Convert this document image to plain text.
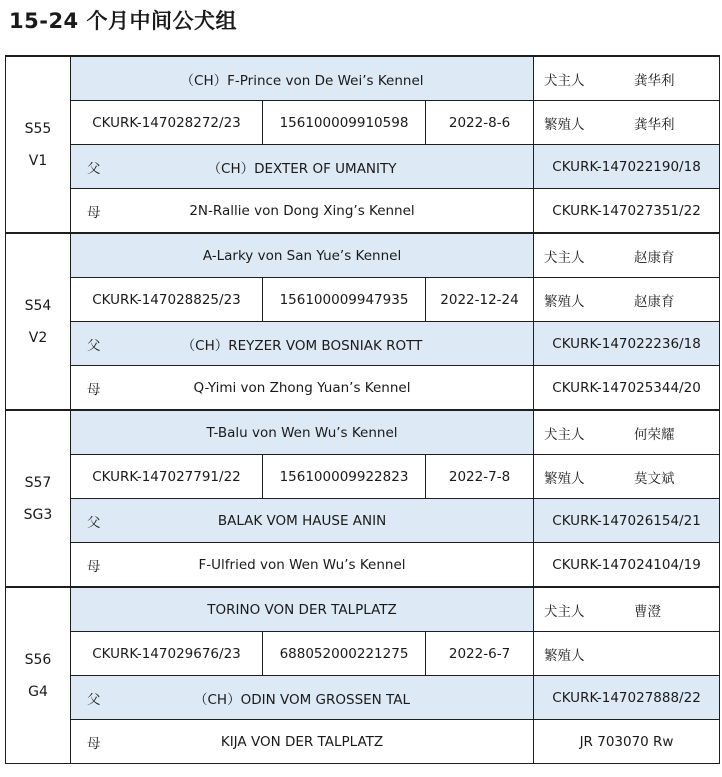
15-24 个月中间公犬组
S55
V1	（CH）F-Prince von De Wei’s Kennel			犬主人 龚华利
	CKURK-147028272/23	156100009910598	2022-8-6	繁殖人 龚华利

	父 （CH）DEXTER OF UMANITY			CKURK-147022190/18

	母 2N-Rallie von Dong Xing’s Kennel			CKURK-147027351/22

S54
V2	A-Larky von San Yue’s Kennel			犬主人 赵康育
	CKURK-147028825/23	156100009947935	2022-12-24	繁殖人 赵康育

	父 （CH）REYZER VOM BOSNIAK ROTT			CKURK-147022236/18

	母 Q-Yimi von Zhong Yuan’s Kennel			CKURK-147025344/20

S57
SG3	T-Balu von Wen Wu’s Kennel			犬主人 何荣耀
	CKURK-147027791/22	156100009922823	2022-7-8	繁殖人 莫文斌

	父 BALAK VOM HAUSE ANIN			CKURK-147026154/21

	母 F-Ulfried von Wen Wu’s Kennel			CKURK-147024104/19

S56
G4	TORINO VON DER TALPLATZ			犬主人 曹澄
	CKURK-147029676/23	688052000221275	2022-6-7	繁殖人

	父 （CH）ODIN VOM GROSSEN TAL			CKURK-147027888/22

	母 KIJA VON DER TALPLATZ			JR 703070 Rw
